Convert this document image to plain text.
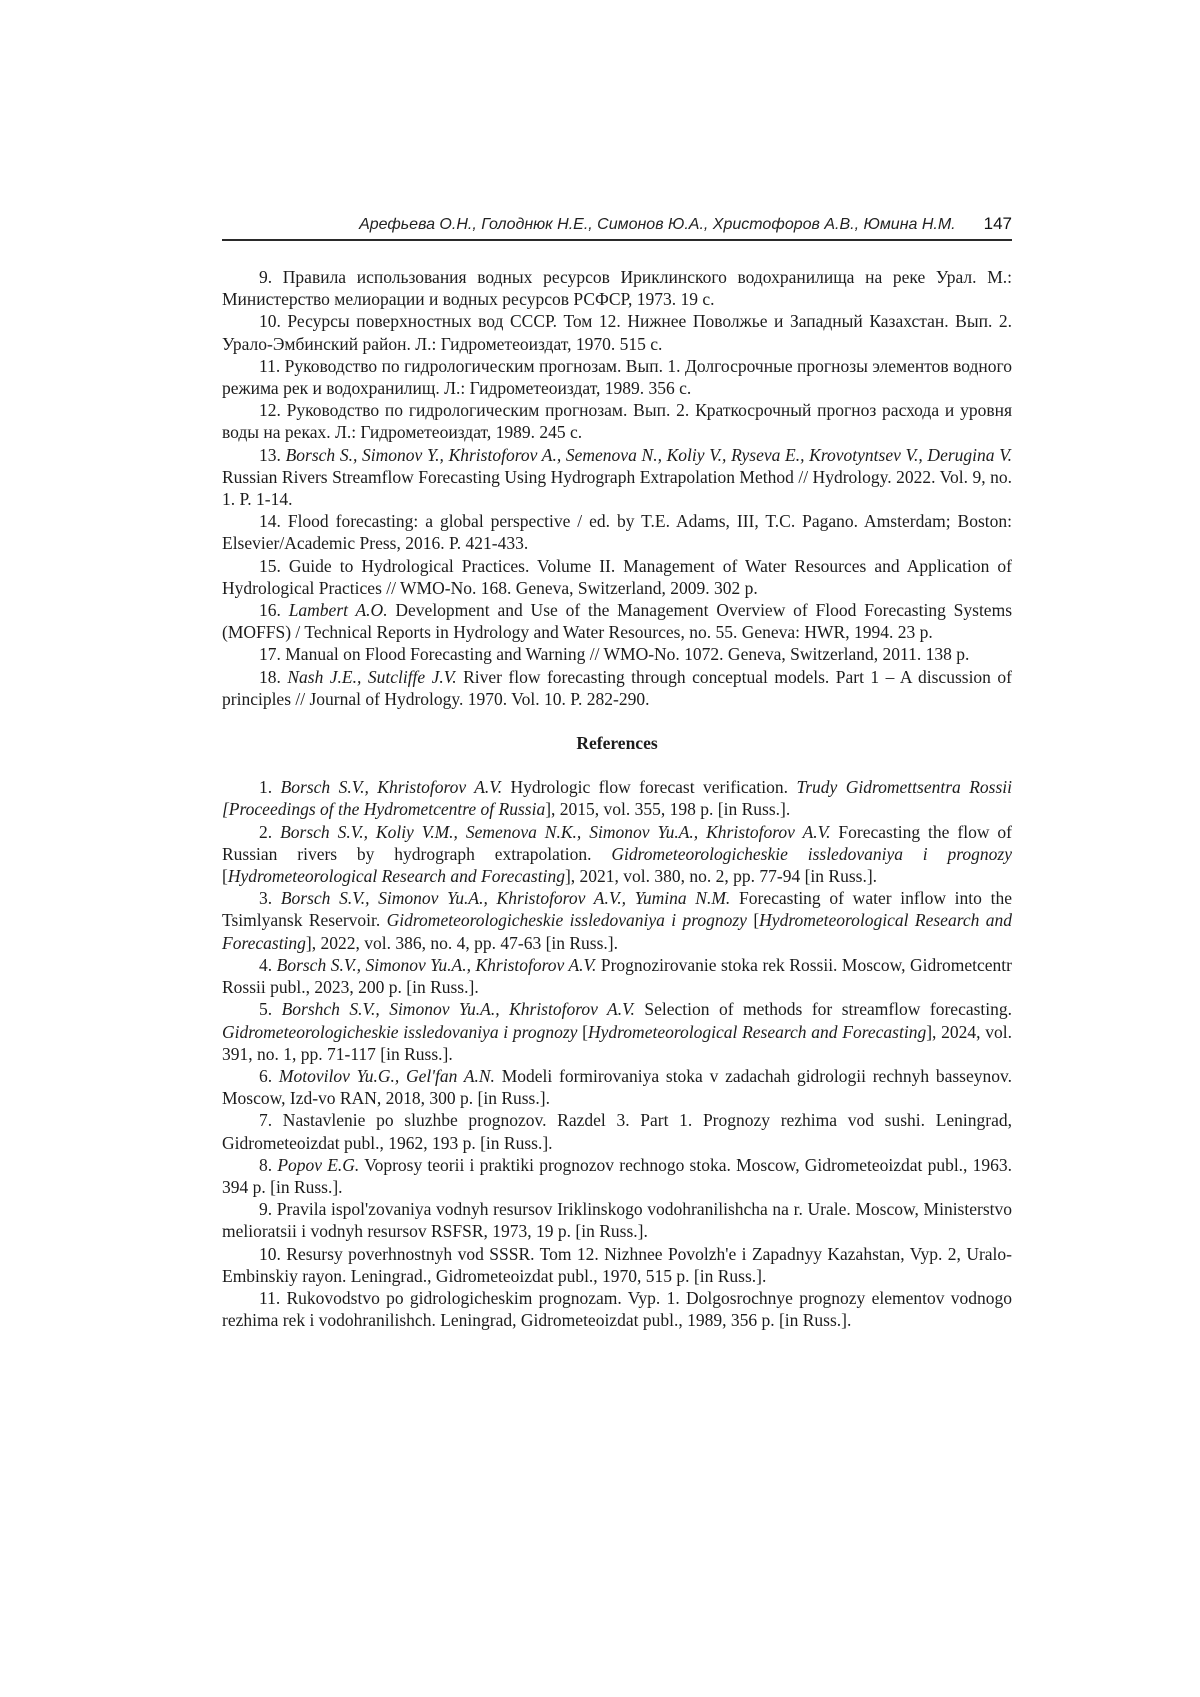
Арефьева О.Н., Голоднюк Н.Е., Симонов Ю.А., Христофоров А.В., Юмина Н.М. 147

9. Правила использования водных ресурсов Ириклинского водохранилища на реке Урал. М.: Министерство мелиорации и водных ресурсов РСФСР, 1973. 19 с.

10. Ресурсы поверхностных вод СССР. Том 12. Нижнее Поволжье и Западный Казахстан. Вып. 2. Урало-Эмбинский район. Л.: Гидрометеоиздат, 1970. 515 с.

11. Руководство по гидрологическим прогнозам. Вып. 1. Долгосрочные прогнозы элементов водного режима рек и водохранилищ. Л.: Гидрометеоиздат, 1989. 356 с.

12. Руководство по гидрологическим прогнозам. Вып. 2. Краткосрочный прогноз расхода и уровня воды на реках. Л.: Гидрометеоиздат, 1989. 245 с.

13. Borsch S., Simonov Y., Khristoforov A., Semenova N., Koliy V., Ryseva E., Krovotyntsev V., Derugina V. Russian Rivers Streamflow Forecasting Using Hydrograph Extrapolation Method // Hydrology. 2022. Vol. 9, no. 1. P. 1-14.

14. Flood forecasting: a global perspective / ed. by T.E. Adams, III, T.C. Pagano. Amsterdam; Boston: Elsevier/Academic Press, 2016. P. 421-433.

15. Guide to Hydrological Practices. Volume II. Management of Water Resources and Application of Hydrological Practices // WMO-No. 168. Geneva, Switzerland, 2009. 302 p.

16. Lambert A.O. Development and Use of the Management Overview of Flood Forecasting Systems (MOFFS) / Technical Reports in Hydrology and Water Resources, no. 55. Geneva: HWR, 1994. 23 p.

17. Manual on Flood Forecasting and Warning // WMO-No. 1072. Geneva, Switzerland, 2011. 138 p.

18. Nash J.E., Sutcliffe J.V. River flow forecasting through conceptual models. Part 1 – A discussion of principles // Journal of Hydrology. 1970. Vol. 10. P. 282-290.

References

1. Borsch S.V., Khristoforov A.V. Hydrologic flow forecast verification. Trudy Gidromettsentra Rossii [Proceedings of the Hydrometcentre of Russia], 2015, vol. 355, 198 p. [in Russ.].

2. Borsch S.V., Koliy V.M., Semenova N.K., Simonov Yu.A., Khristoforov A.V. Forecasting the flow of Russian rivers by hydrograph extrapolation. Gidrometeorologicheskie issledovaniya i prognozy [Hydrometeorological Research and Forecasting], 2021, vol. 380, no. 2, pp. 77-94 [in Russ.].

3. Borsch S.V., Simonov Yu.A., Khristoforov A.V., Yumina N.M. Forecasting of water inflow into the Tsimlyansk Reservoir. Gidrometeorologicheskie issledovaniya i prognozy [Hydrometeorological Research and Forecasting], 2022, vol. 386, no. 4, pp. 47-63 [in Russ.].

4. Borsch S.V., Simonov Yu.A., Khristoforov A.V. Prognozirovanie stoka rek Rossii. Moscow, Gidrometcentr Rossii publ., 2023, 200 p. [in Russ.].

5. Borshch S.V., Simonov Yu.A., Khristoforov A.V. Selection of methods for streamflow forecasting. Gidrometeorologicheskie issledovaniya i prognozy [Hydrometeorological Research and Forecasting], 2024, vol. 391, no. 1, pp. 71-117 [in Russ.].

6. Motovilov Yu.G., Gel'fan A.N. Modeli formirovaniya stoka v zadachah gidrologii rechnyh basseynov. Moscow, Izd-vo RAN, 2018, 300 p. [in Russ.].

7. Nastavlenie po sluzhbe prognozov. Razdel 3. Part 1. Prognozy rezhima vod sushi. Leningrad, Gidrometeoizdat publ., 1962, 193 p. [in Russ.].

8. Popov E.G. Voprosy teorii i praktiki prognozov rechnogo stoka. Moscow, Gidrometeoizdat publ., 1963. 394 p. [in Russ.].

9. Pravila ispol'zovaniya vodnyh resursov Iriklinskogo vodohranilishcha na r. Urale. Moscow, Ministerstvo melioratsii i vodnyh resursov RSFSR, 1973, 19 p. [in Russ.].

10. Resursy poverhnostnyh vod SSSR. Tom 12. Nizhnee Povolzh'e i Zapadnyy Kazahstan, Vyp. 2, Uralo-Embinskiy rayon. Leningrad., Gidrometeoizdat publ., 1970, 515 p. [in Russ.].

11. Rukovodstvo po gidrologicheskim prognozam. Vyp. 1. Dolgosrochnye prognozy elementov vodnogo rezhima rek i vodohranilishch. Leningrad, Gidrometeoizdat publ., 1989, 356 p. [in Russ.].
